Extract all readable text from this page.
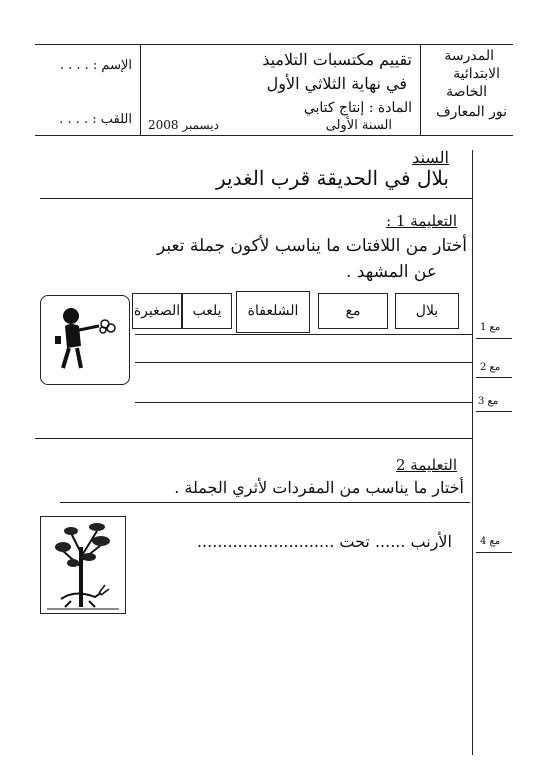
المدرسة
الابتدائية
الخاصة
نور المعارف
تقييم مكتسبات التلاميذ
في نهاية الثلاثي الأول
المادة : إنتاج كتابي
السنة الأولى
ديسمبر 2008
الإسم : . . . .
اللقب : . . . .
السند
بلال في الحديقة قرب الغدير
التعليمة 1 :
أختار من اللافتات ما يناسب لأكون جملة تعبر
عن المشهد .
بلال
مع
الشلعفاة
يلعب
الصغيرة
مع 1
مع 2
مع 3
التعليمة 2
أختار ما يناسب من المفردات لأثري الجملة .
الأرنب ...... تحت ...........................	مع 4
